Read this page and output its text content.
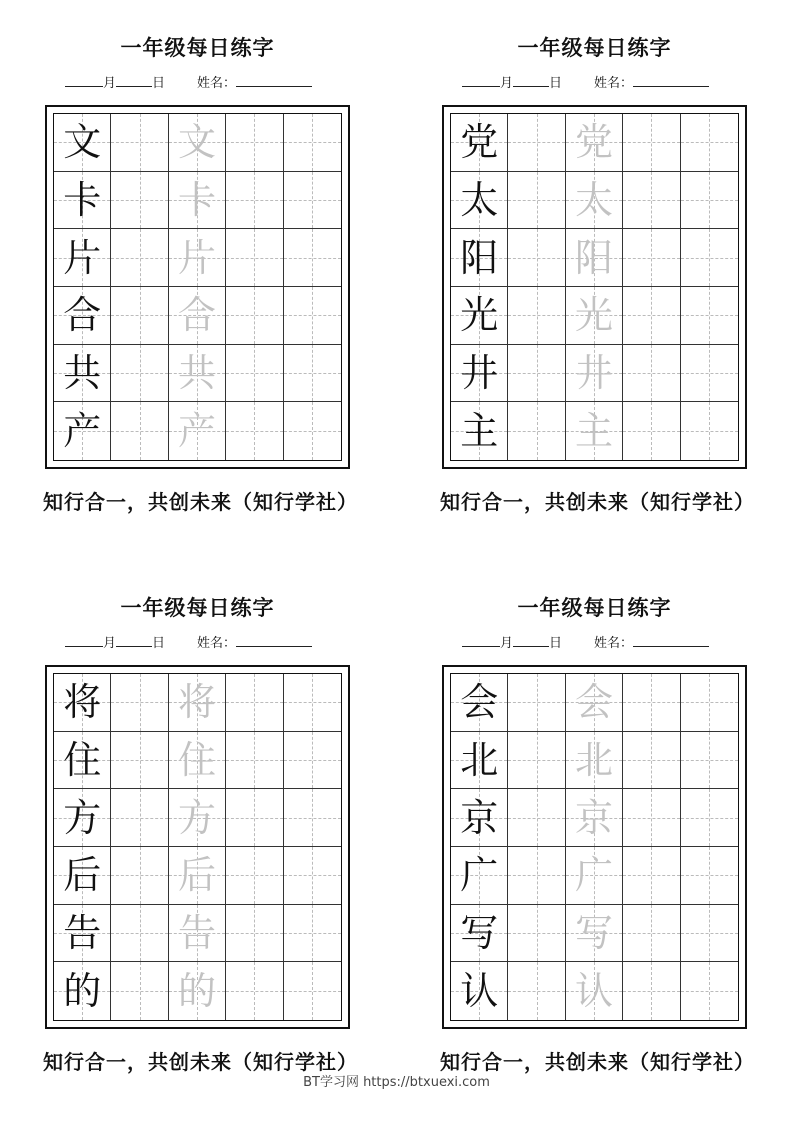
一年级每日练字
月	日 姓名：
文 文
卡 卡
片 片
合 合
共 共
产 产
知行合一，共创未来（知行学社）
一年级每日练字
月	日 姓名：
党 党
太 太
阳 阳
光 光
井 井
主 主
知行合一，共创未来（知行学社）
一年级每日练字
月	日 姓名：
将 将
住 住
方 方
后 后
告 告
的 的
知行合一，共创未来（知行学社）
一年级每日练字
月	日 姓名：
会 会
北 北
京 京
广 广
写 写
认 认
知行合一，共创未来（知行学社）
BT学习网 https://btxuexi.com
